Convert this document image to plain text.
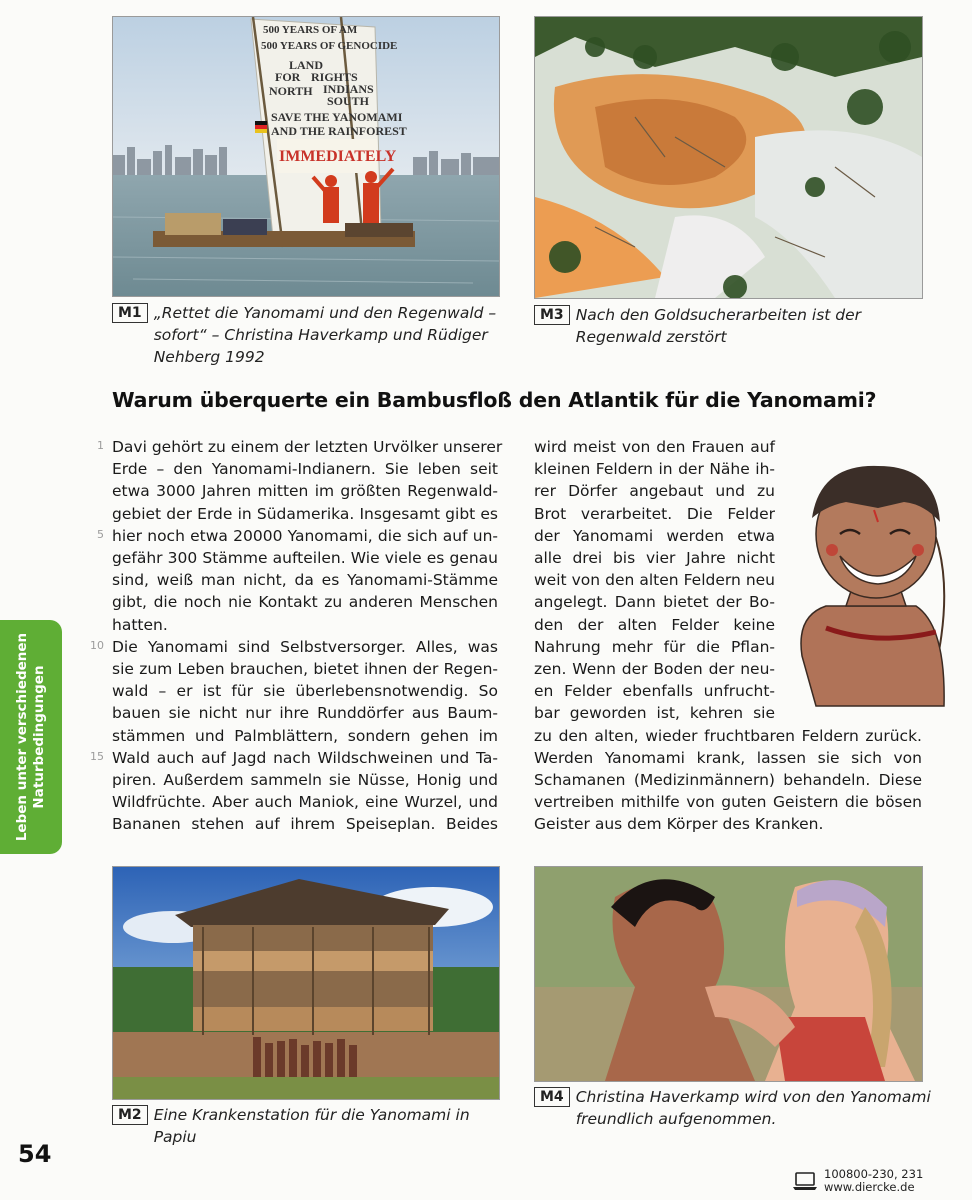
500 YEARS OF AM
500 YEARS OF GENOCIDE
LAND
FOR RIGHTS
INDIANS
NORTH
SOUTH
SAVE THE YANOMAMI
AND THE RAINFOREST
IMMEDIATELY
M1 „Rettet die Yanomami und den Regenwald – sofort“ – Christina Haverkamp und Rüdiger Nehberg 1992
M3 Nach den Goldsucherarbeiten ist der Regenwald zerstört
Warum überquerte ein Bambusfloß den Atlantik für die Yanomami?
1
5
10
15
Davi gehört zu einem der letzten Urvölker unserer
Erde – den Yanomami-Indianern. Sie leben seit
etwa 3000 Jahren mitten im größten Regenwald-
gebiet der Erde in Südamerika. Insgesamt gibt es
hier noch etwa 20000 Yanomami, die sich auf un-
gefähr 300 Stämme aufteilen. Wie viele es genau
sind, weiß man nicht, da es Yanomami-Stämme
gibt, die noch nie Kontakt zu anderen Menschen
hatten.
Die Yanomami sind Selbstversorger. Alles, was
sie zum Leben brauchen, bietet ihnen der Regen-
wald – er ist für sie überlebensnotwendig. So
bauen sie nicht nur ihre Runddörfer aus Baum-
stämmen und Palmblättern, sondern gehen im
Wald auch auf Jagd nach Wildschweinen und Ta-
piren. Außerdem sammeln sie Nüsse, Honig und
Wildfrüchte. Aber auch Maniok, eine Wurzel, und
Bananen stehen auf ihrem Speiseplan. Beides
wird meist von den Frauen auf
kleinen Feldern in der Nähe ih-
rer Dörfer angebaut und zu
Brot verarbeitet. Die Felder
der Yanomami werden etwa
alle drei bis vier Jahre nicht
weit von den alten Feldern neu
angelegt. Dann bietet der Bo-
den der alten Felder keine
Nahrung mehr für die Pflan-
zen. Wenn der Boden der neu-
en Felder ebenfalls unfrucht-
bar geworden ist, kehren sie
zu den alten, wieder fruchtbaren Feldern zurück.
Werden Yanomami krank, lassen sie sich von
Schamanen (Medizinmännern) behandeln. Diese
vertreiben mithilfe von guten Geistern die bösen
Geister aus dem Körper des Kranken.
M2 Eine Krankenstation für die Yanomami in Papiu
M4 Christina Haverkamp wird von den Yanomami freundlich aufgenommen.
Leben unter verschiedenen Naturbedingungen
54
100800-230, 231
www.diercke.de
